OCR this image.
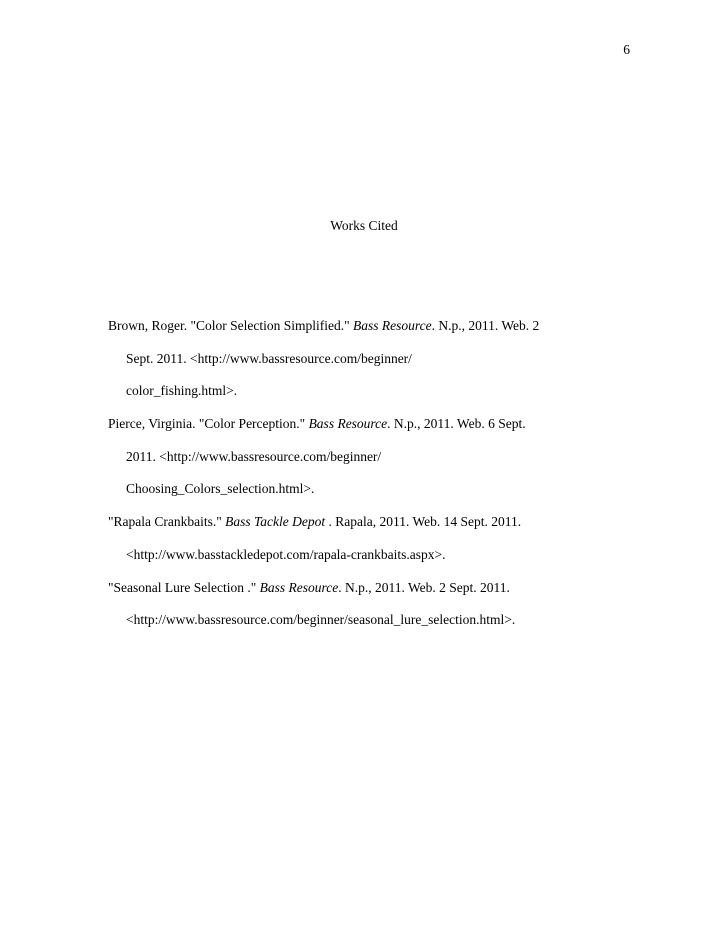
6
Works Cited
Brown, Roger. "Color Selection Simplified." Bass Resource. N.p., 2011. Web. 2
Sept. 2011. <http://www.bassresource.com/beginner/
color_fishing.html>.
Pierce, Virginia. "Color Perception." Bass Resource. N.p., 2011. Web. 6 Sept.
2011. <http://www.bassresource.com/beginner/
Choosing_Colors_selection.html>.
"Rapala Crankbaits." Bass Tackle Depot . Rapala, 2011. Web. 14 Sept. 2011.
<http://www.basstackledepot.com/rapala-crankbaits.aspx>.
"Seasonal Lure Selection ." Bass Resource. N.p., 2011. Web. 2 Sept. 2011.
<http://www.bassresource.com/beginner/seasonal_lure_selection.html>.
